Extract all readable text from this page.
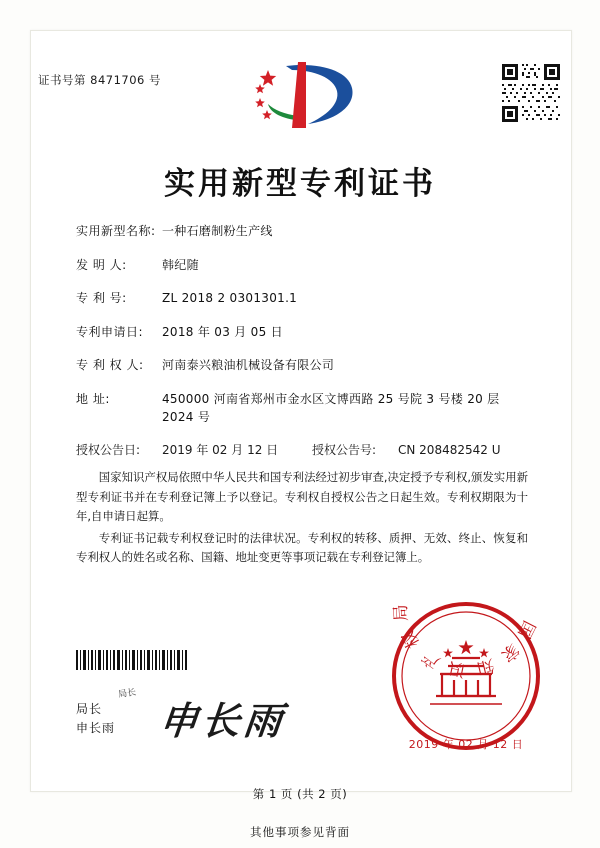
证书号第 8471706 号
实用新型专利证书
实用新型名称: 一种石磨制粉生产线
发 明 人:	韩纪随
专 利 号:	ZL 2018 2 0301301.1
专利申请日:	2018 年 03 月 05 日
专 利 权 人:	河南泰兴粮油机械设备有限公司
地 址:	450000 河南省郑州市金水区文博西路 25 号院 3 号楼 20 层 2024 号
授权公告日:	2019 年 02 月 12 日	授权公告号:	CN 208482542 U

国家知识产权局依照中华人民共和国专利法经过初步审查,决定授予专利权,颁发实用新型专利证书并在专利登记簿上予以登记。专利权自授权公告之日起生效。专利权期限为十年,自申请日起算。

专利证书记载专利权登记时的法律状况。专利权的转移、质押、无效、终止、恢复和专利权人的姓名或名称、国籍、地址变更等事项记载在专利登记簿上。

局长
申长雨
局长
申长雨
国家知识产权局
2019 年 02 月 12 日
第 1 页 (共 2 页)
其他事项参见背面
